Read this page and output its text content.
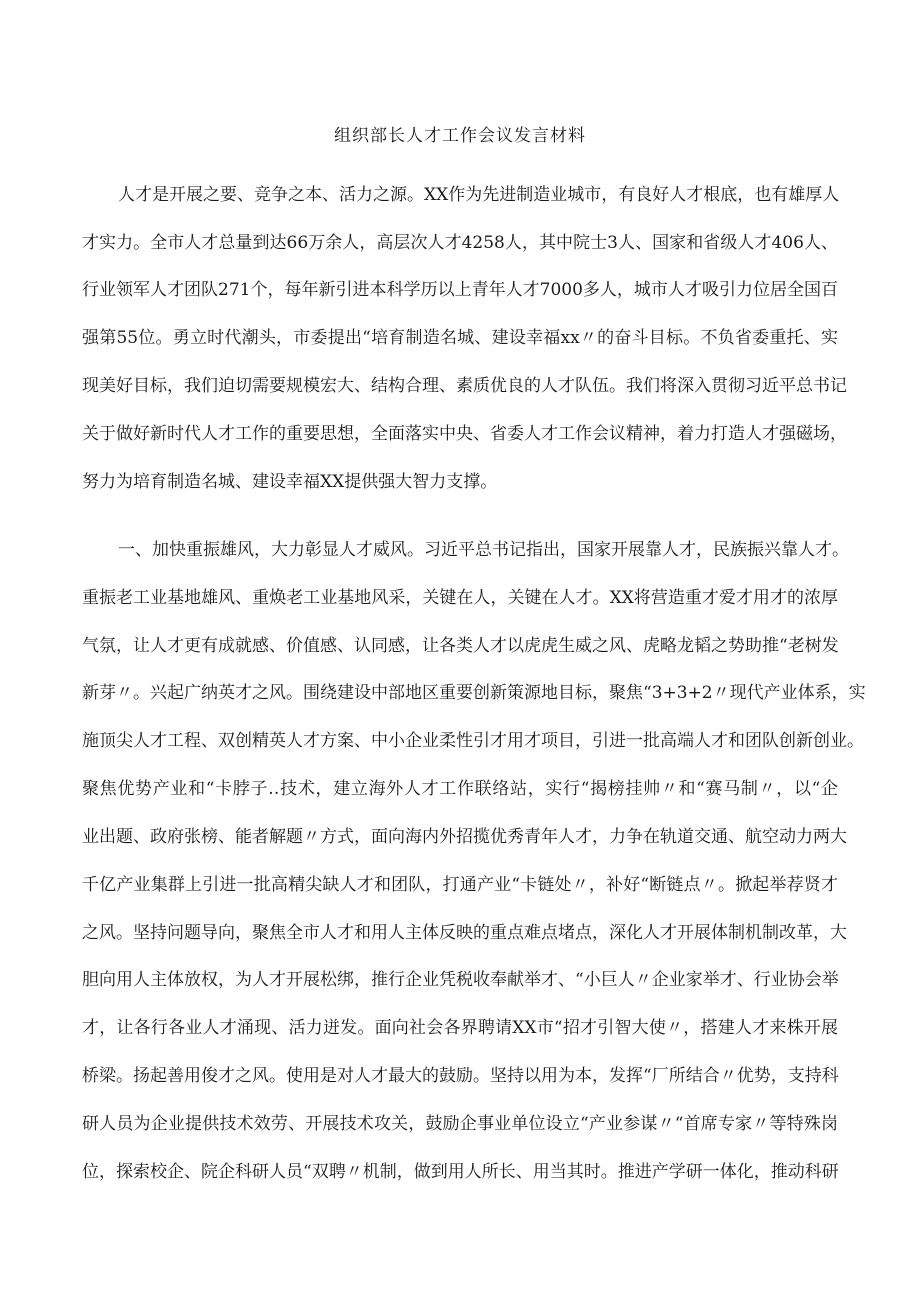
组织部长人才工作会议发言材料
人才是开展之要、竞争之本、活力之源。XX作为先进制造业城市，有良好人才根底，也有雄厚人
才实力。全市人才总量到达66万余人，高层次人才4258人，其中院士3人、国家和省级人才406人、
行业领军人才团队271个，每年新引进本科学历以上青年人才7000多人，城市人才吸引力位居全国百
强第55位。勇立时代潮头，市委提出“培育制造名城、建设幸福xx〃的奋斗目标。不负省委重托、实
现美好目标，我们迫切需要规模宏大、结构合理、素质优良的人才队伍。我们将深入贯彻习近平总书记
关于做好新时代人才工作的重要思想，全面落实中央、省委人才工作会议精神，着力打造人才强磁场，
努力为培育制造名城、建设幸福XX提供强大智力支撑。
一、加快重振雄风，大力彰显人才威风。习近平总书记指出，国家开展靠人才，民族振兴靠人才。
重振老工业基地雄风、重焕老工业基地风采，关键在人，关键在人才。XX将营造重才爱才用才的浓厚
气氛，让人才更有成就感、价值感、认同感，让各类人才以虎虎生威之风、虎略龙韬之势助推“老树发
新芽〃。兴起广纳英才之风。围绕建设中部地区重要创新策源地目标，聚焦“3+3+2〃现代产业体系，实
施顶尖人才工程、双创精英人才方案、中小企业柔性引才用才项目，引进一批高端人才和团队创新创业。
聚焦优势产业和“卡脖子‥技术，建立海外人才工作联络站，实行“揭榜挂帅〃和“赛马制〃，以“企
业出题、政府张榜、能者解题〃方式，面向海内外招揽优秀青年人才，力争在轨道交通、航空动力两大
千亿产业集群上引进一批高精尖缺人才和团队，打通产业“卡链处〃，补好“断链点〃。掀起举荐贤才
之风。坚持问题导向，聚焦全市人才和用人主体反映的重点难点堵点，深化人才开展体制机制改革，大
胆向用人主体放权，为人才开展松绑，推行企业凭税收奉献举才、“小巨人〃企业家举才、行业协会举
才，让各行各业人才涌现、活力迸发。面向社会各界聘请XX市“招才引智大使〃，搭建人才来株开展
桥梁。扬起善用俊才之风。使用是对人才最大的鼓励。坚持以用为本，发挥“厂所结合〃优势，支持科
研人员为企业提供技术效劳、开展技术攻关，鼓励企事业单位设立“产业参谋〃“首席专家〃等特殊岗
位，探索校企、院企科研人员“双聘〃机制，做到用人所长、用当其时。推进产学研一体化，推动科研
